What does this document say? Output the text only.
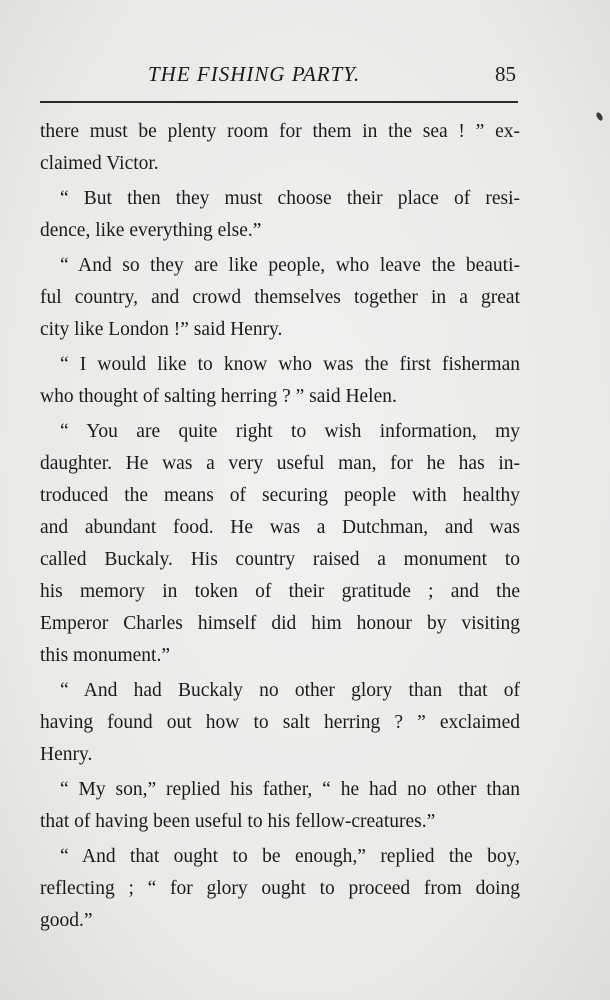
THE FISHING PARTY.	85
there must be plenty room for them in the sea ! ” ex-
claimed Victor.
“ But then they must choose their place of resi-
dence, like everything else.”
“ And so they are like people, who leave the beauti-
ful country, and crowd themselves together in a great
city like London !” said Henry.
“ I would like to know who was the first fisherman
who thought of salting herring ? ” said Helen.
“ You are quite right to wish information, my
daughter. He was a very useful man, for he has in-
troduced the means of securing people with healthy
and abundant food. He was a Dutchman, and was
called Buckaly. His country raised a monument to
his memory in token of their gratitude ; and the
Emperor Charles himself did him honour by visiting
this monument.”
“ And had Buckaly no other glory than that of
having found out how to salt herring ? ” exclaimed
Henry.
“ My son,” replied his father, “ he had no other than
that of having been useful to his fellow-creatures.”
“ And that ought to be enough,” replied the boy,
reflecting ; “ for glory ought to proceed from doing
good.”
